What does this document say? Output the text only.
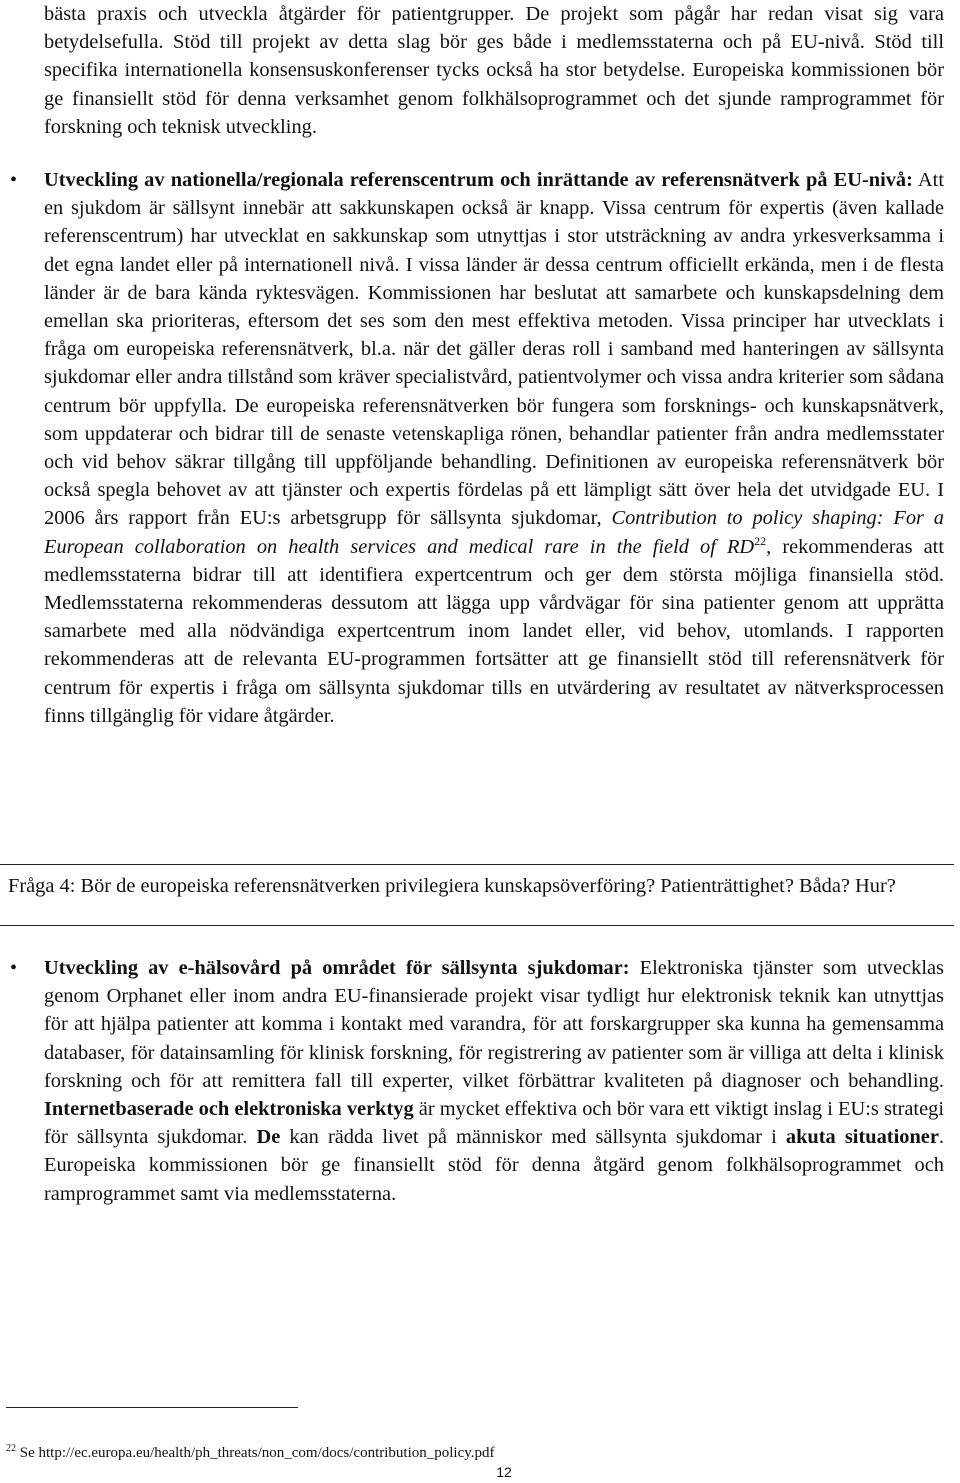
bästa praxis och utveckla åtgärder för patientgrupper. De projekt som pågår har redan visat sig vara betydelsefulla. Stöd till projekt av detta slag bör ges både i medlemsstaterna och på EU-nivå. Stöd till specifika internationella konsensuskonferenser tycks också ha stor betydelse. Europeiska kommissionen bör ge finansiellt stöd för denna verksamhet genom folkhälsoprogrammet och det sjunde ramprogrammet för forskning och teknisk utveckling.

• Utveckling av nationella/regionala referenscentrum och inrättande av referensnätverk på EU-nivå: Att en sjukdom är sällsynt innebär att sakkunskapen också är knapp. Vissa centrum för expertis (även kallade referenscentrum) har utvecklat en sakkunskap som utnyttjas i stor utsträckning av andra yrkesverksamma i det egna landet eller på internationell nivå. I vissa länder är dessa centrum officiellt erkända, men i de flesta länder är de bara kända ryktesvägen. Kommissionen har beslutat att samarbete och kunskapsdelning dem emellan ska prioriteras, eftersom det ses som den mest effektiva metoden. Vissa principer har utvecklats i fråga om europeiska referensnätverk, bl.a. när det gäller deras roll i samband med hanteringen av sällsynta sjukdomar eller andra tillstånd som kräver specialistvård, patientvolymer och vissa andra kriterier som sådana centrum bör uppfylla. De europeiska referensnätverken bör fungera som forsknings- och kunskapsnätverk, som uppdaterar och bidrar till de senaste vetenskapliga rönen, behandlar patienter från andra medlemsstater och vid behov säkrar tillgång till uppföljande behandling. Definitionen av europeiska referensnätverk bör också spegla behovet av att tjänster och expertis fördelas på ett lämpligt sätt över hela det utvidgade EU. I 2006 års rapport från EU:s arbetsgrupp för sällsynta sjukdomar, Contribution to policy shaping: For a European collaboration on health services and medical rare in the field of RD$^{22}$, rekommenderas att medlemsstaterna bidrar till att identifiera expertcentrum och ger dem största möjliga finansiella stöd. Medlemsstaterna rekommenderas dessutom att lägga upp vårdvägar för sina patienter genom att upprätta samarbete med alla nödvändiga expertcentrum inom landet eller, vid behov, utomlands. I rapporten rekommenderas att de relevanta EU-programmen fortsätter att ge finansiellt stöd till referensnätverk för centrum för expertis i fråga om sällsynta sjukdomar tills en utvärdering av resultatet av nätverksprocessen finns tillgänglig för vidare åtgärder.
Fråga 4: Bör de europeiska referensnätverken privilegiera kunskapsöverföring? Patienträttighet? Båda? Hur?
• Utveckling av e-hälsovård på området för sällsynta sjukdomar: Elektroniska tjänster som utvecklas genom Orphanet eller inom andra EU-finansierade projekt visar tydligt hur elektronisk teknik kan utnyttjas för att hjälpa patienter att komma i kontakt med varandra, för att forskargrupper ska kunna ha gemensamma databaser, för datainsamling för klinisk forskning, för registrering av patienter som är villiga att delta i klinisk forskning och för att remittera fall till experter, vilket förbättrar kvaliteten på diagnoser och behandling. Internetbaserade och elektroniska verktyg är mycket effektiva och bör vara ett viktigt inslag i EU:s strategi för sällsynta sjukdomar. De kan rädda livet på människor med sällsynta sjukdomar i akuta situationer. Europeiska kommissionen bör ge finansiellt stöd för denna åtgärd genom folkhälsoprogrammet och ramprogrammet samt via medlemsstaterna.
$^{22}$ Se http://ec.europa.eu/health/ph_threats/non_com/docs/contribution_policy.pdf
12
